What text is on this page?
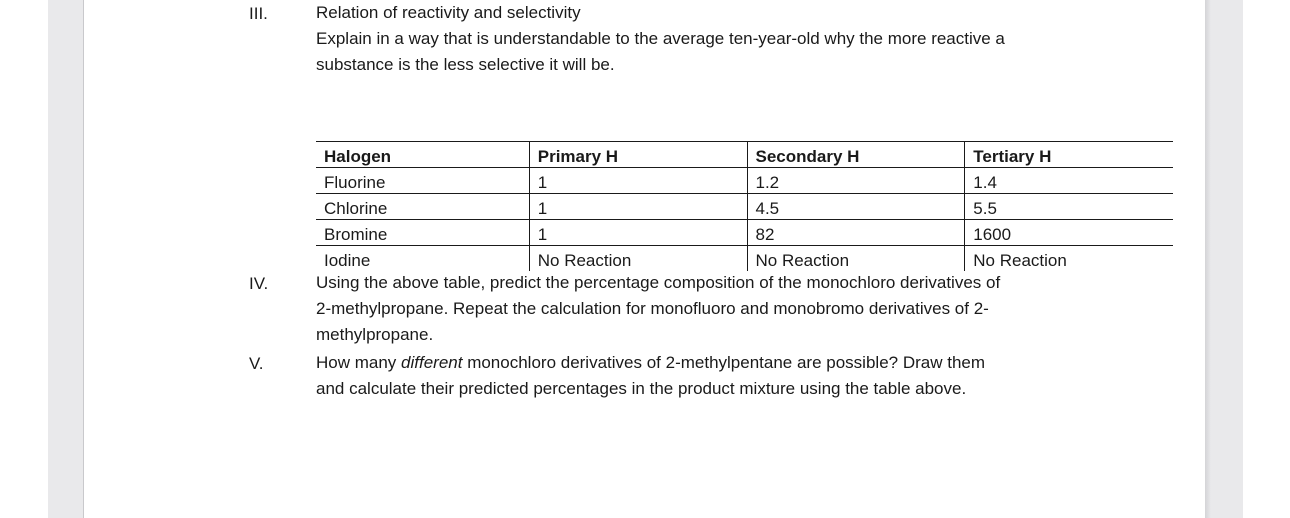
III.	Relation of reactivity and selectivity
Explain in a way that is understandable to the average ten-year-old why the more reactive a
substance is the less selective it will be.
Halogen	Primary H	Secondary H	Tertiary H
Fluorine	1	1.2	1.4
Chlorine	1	4.5	5.5
Bromine	1	82	1600
Iodine	No Reaction	No Reaction	No Reaction
IV.	Using the above table, predict the percentage composition of the monochloro derivatives of
2-methylpropane. Repeat the calculation for monofluoro and monobromo derivatives of 2-
methylpropane.
V.	How many different monochloro derivatives of 2-methylpentane are possible? Draw them
and calculate their predicted percentages in the product mixture using the table above.
